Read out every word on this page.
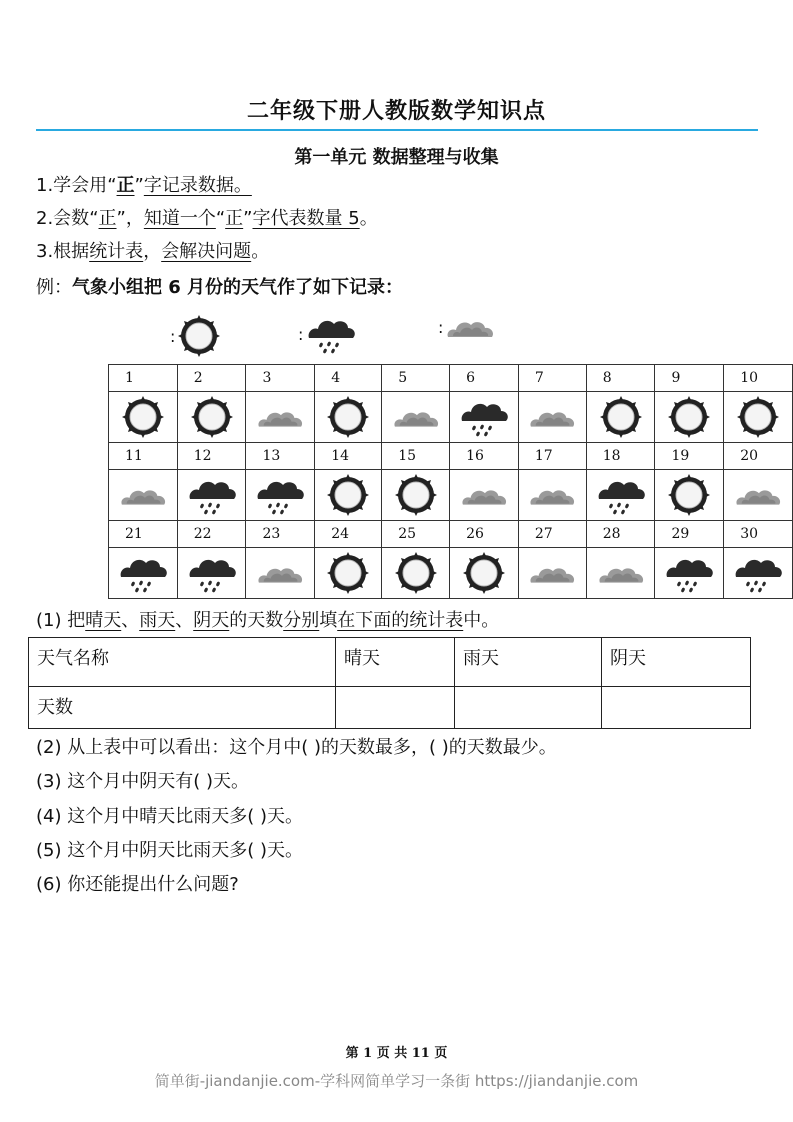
二年级下册人教版数学知识点
第一单元 数据整理与收集
1.学会用“正”字记录数据。
2.会数“正”，知道一个“正”字代表数量 5。
3.根据统计表，会解决问题。
例：气象小组把 6 月份的天气作了如下记录：
:	:	:
1	2	3	4	5	6	7	8	9	10

11	12	13	14	15	16	17	18	19	20

21	22	23	24	25	26	27	28	29	30

(1) 把晴天、雨天、阴天的天数分别填在下面的统计表中。
天气名称	晴天	雨天	阴天
天数			
(2) 从上表中可以看出：这个月中( )的天数最多，( )的天数最少。
(3) 这个月中阴天有( )天。
(4) 这个月中晴天比雨天多( )天。
(5) 这个月中阴天比雨天多( )天。
(6) 你还能提出什么问题?
第 1 页 共 11 页
简单街-jiandanjie.com-学科网简单学习一条街 https://jiandanjie.com
